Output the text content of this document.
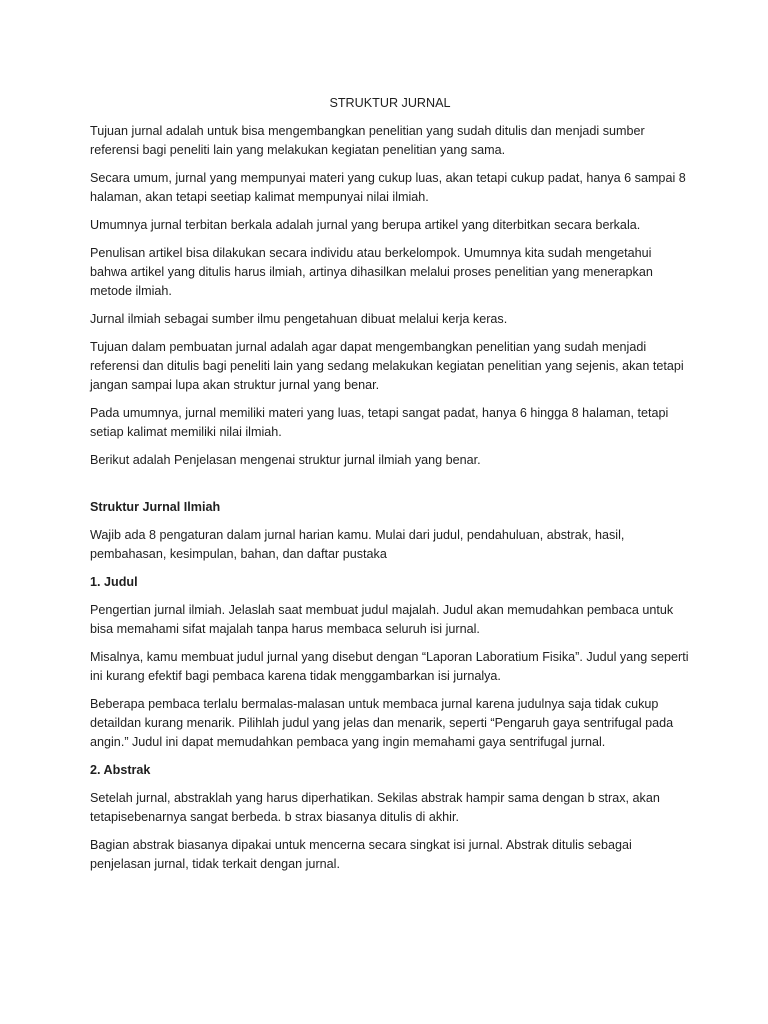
STRUKTUR JURNAL

Tujuan jurnal adalah untuk bisa mengembangkan penelitian yang sudah ditulis dan menjadi sumber referensi bagi peneliti lain yang melakukan kegiatan penelitian yang sama.

Secara umum, jurnal yang mempunyai materi yang cukup luas, akan tetapi cukup padat, hanya 6 sampai 8 halaman, akan tetapi seetiap kalimat mempunyai nilai ilmiah.

Umumnya jurnal terbitan berkala adalah jurnal yang berupa artikel yang diterbitkan secara berkala.

Penulisan artikel bisa dilakukan secara individu atau berkelompok. Umumnya kita sudah mengetahui bahwa artikel yang ditulis harus ilmiah, artinya dihasilkan melalui proses penelitian yang menerapkan metode ilmiah.

Jurnal ilmiah sebagai sumber ilmu pengetahuan dibuat melalui kerja keras.

Tujuan dalam pembuatan jurnal adalah agar dapat mengembangkan penelitian yang sudah menjadi referensi dan ditulis bagi peneliti lain yang sedang melakukan kegiatan penelitian yang sejenis, akan tetapi jangan sampai lupa akan struktur jurnal yang benar.

Pada umumnya, jurnal memiliki materi yang luas, tetapi sangat padat, hanya 6 hingga 8 halaman, tetapi setiap kalimat memiliki nilai ilmiah.

Berikut adalah Penjelasan mengenai struktur jurnal ilmiah yang benar.

Struktur Jurnal Ilmiah

Wajib ada 8 pengaturan dalam jurnal harian kamu. Mulai dari judul, pendahuluan, abstrak, hasil, pembahasan, kesimpulan, bahan, dan daftar pustaka

1. Judul

Pengertian jurnal ilmiah. Jelaslah saat membuat judul majalah. Judul akan memudahkan pembaca untuk bisa memahami sifat majalah tanpa harus membaca seluruh isi jurnal.

Misalnya, kamu membuat judul jurnal yang disebut dengan “Laporan Laboratium Fisika”. Judul yang seperti ini kurang efektif bagi pembaca karena tidak menggambarkan isi jurnalya.

Beberapa pembaca terlalu bermalas-malasan untuk membaca jurnal karena judulnya saja tidak cukup detaildan kurang menarik. Pilihlah judul yang jelas dan menarik, seperti “Pengaruh gaya sentrifugal pada angin.” Judul ini dapat memudahkan pembaca yang ingin memahami gaya sentrifugal jurnal.

2. Abstrak

Setelah jurnal, abstraklah yang harus diperhatikan. Sekilas abstrak hampir sama dengan b strax, akan tetapisebenarnya sangat berbeda. b strax biasanya ditulis di akhir.

Bagian abstrak biasanya dipakai untuk mencerna secara singkat isi jurnal. Abstrak ditulis sebagai penjelasan jurnal, tidak terkait dengan jurnal.
